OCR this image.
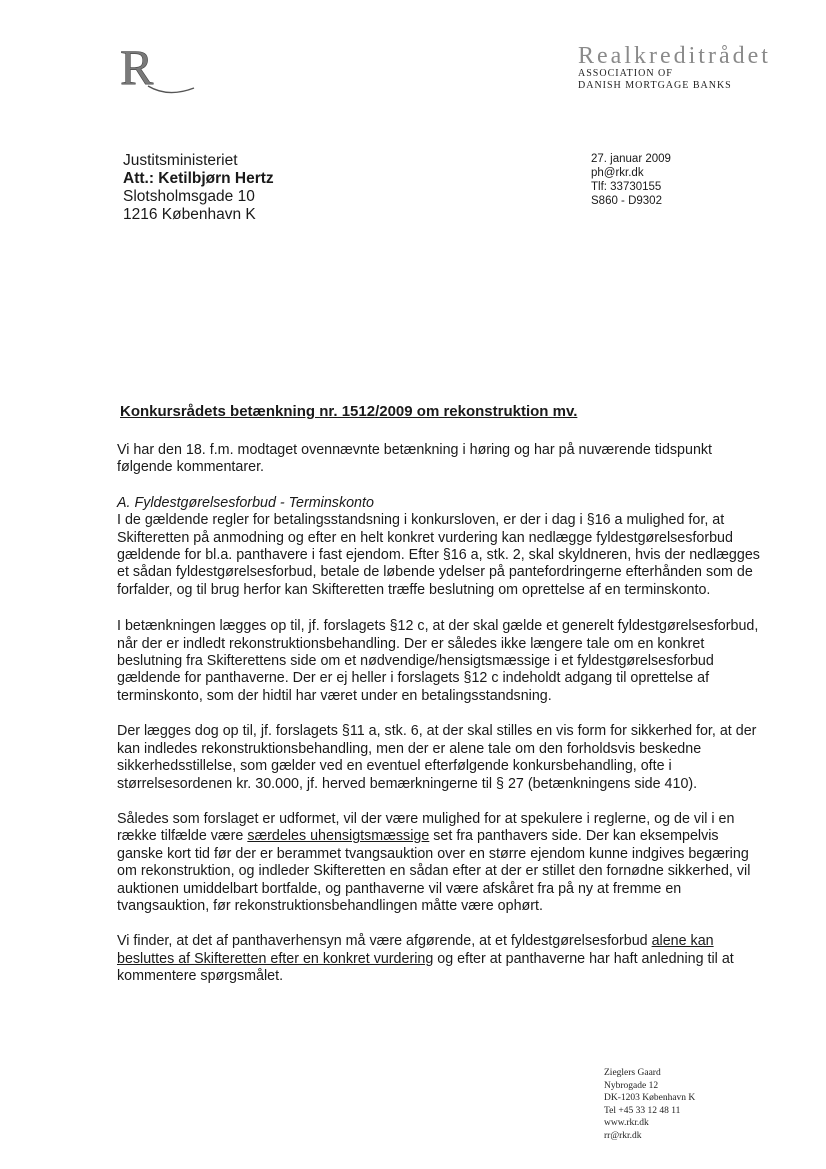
R	Realkreditrådet
ASSOCIATION OF
DANISH MORTGAGE BANKS
Justitsministeriet
Att.: Ketilbjørn Hertz
Slotsholmsgade 10
1216 København K
27. januar 2009
ph@rkr.dk
Tlf: 33730155
S860 - D9302
Konkursrådets betænkning nr. 1512/2009 om rekonstruktion mv.

Vi har den 18. f.m. modtaget ovennævnte betænkning i høring og har på nuværende tidspunkt følgende kommentarer.

A. Fyldestgørelsesforbud - Terminskonto
I de gældende regler for betalingsstandsning i konkursloven, er der i dag i §16 a mulighed for, at Skifteretten på anmodning og efter en helt konkret vurdering kan nedlægge fyldestgørelsesforbud gældende for bl.a. panthavere i fast ejendom. Efter §16 a, stk. 2, skal skyldneren, hvis der nedlægges et sådan fyldestgørelsesforbud, betale de løbende ydelser på pantefordringerne efterhånden som de forfalder, og til brug herfor kan Skifteretten træffe beslutning om oprettelse af en terminskonto.

I betænkningen lægges op til, jf. forslagets §12 c, at der skal gælde et generelt fyldestgørelsesforbud, når der er indledt rekonstruktionsbehandling. Der er således ikke længere tale om en konkret beslutning fra Skifterettens side om et nødvendige/hensigtsmæssige i et fyldestgørelsesforbud gældende for panthaverne. Der er ej heller i forslagets §12 c indeholdt adgang til oprettelse af terminskonto, som der hidtil har været under en betalingsstandsning.

Der lægges dog op til, jf. forslagets §11 a, stk. 6, at der skal stilles en vis form for sikkerhed for, at der kan indledes rekonstruktionsbehandling, men der er alene tale om den forholdsvis beskedne sikkerhedsstillelse, som gælder ved en eventuel efterfølgende konkursbehandling, ofte i størrelsesordenen kr. 30.000, jf. herved bemærkningerne til § 27 (betænkningens side 410).

Således som forslaget er udformet, vil der være mulighed for at spekulere i reglerne, og de vil i en række tilfælde være særdeles uhensigtsmæssige set fra panthavers side. Der kan eksempelvis ganske kort tid før der er berammet tvangsauktion over en større ejendom kunne indgives begæring om rekonstruktion, og indleder Skifteretten en sådan efter at der er stillet den fornødne sikkerhed, vil auktionen umiddelbart bortfalde, og panthaverne vil være afskåret fra på ny at fremme en tvangsauktion, før rekonstruktionsbehandlingen måtte være ophørt.

Vi finder, at det af panthaverhensyn må være afgørende, at et fyldestgørelsesforbud alene kan besluttes af Skifteretten efter en konkret vurdering og efter at panthaverne har haft anledning til at kommentere spørgsmålet.

Zieglers Gaard
Nybrogade 12
DK-1203 København K
Tel +45 33 12 48 11
www.rkr.dk
rr@rkr.dk
